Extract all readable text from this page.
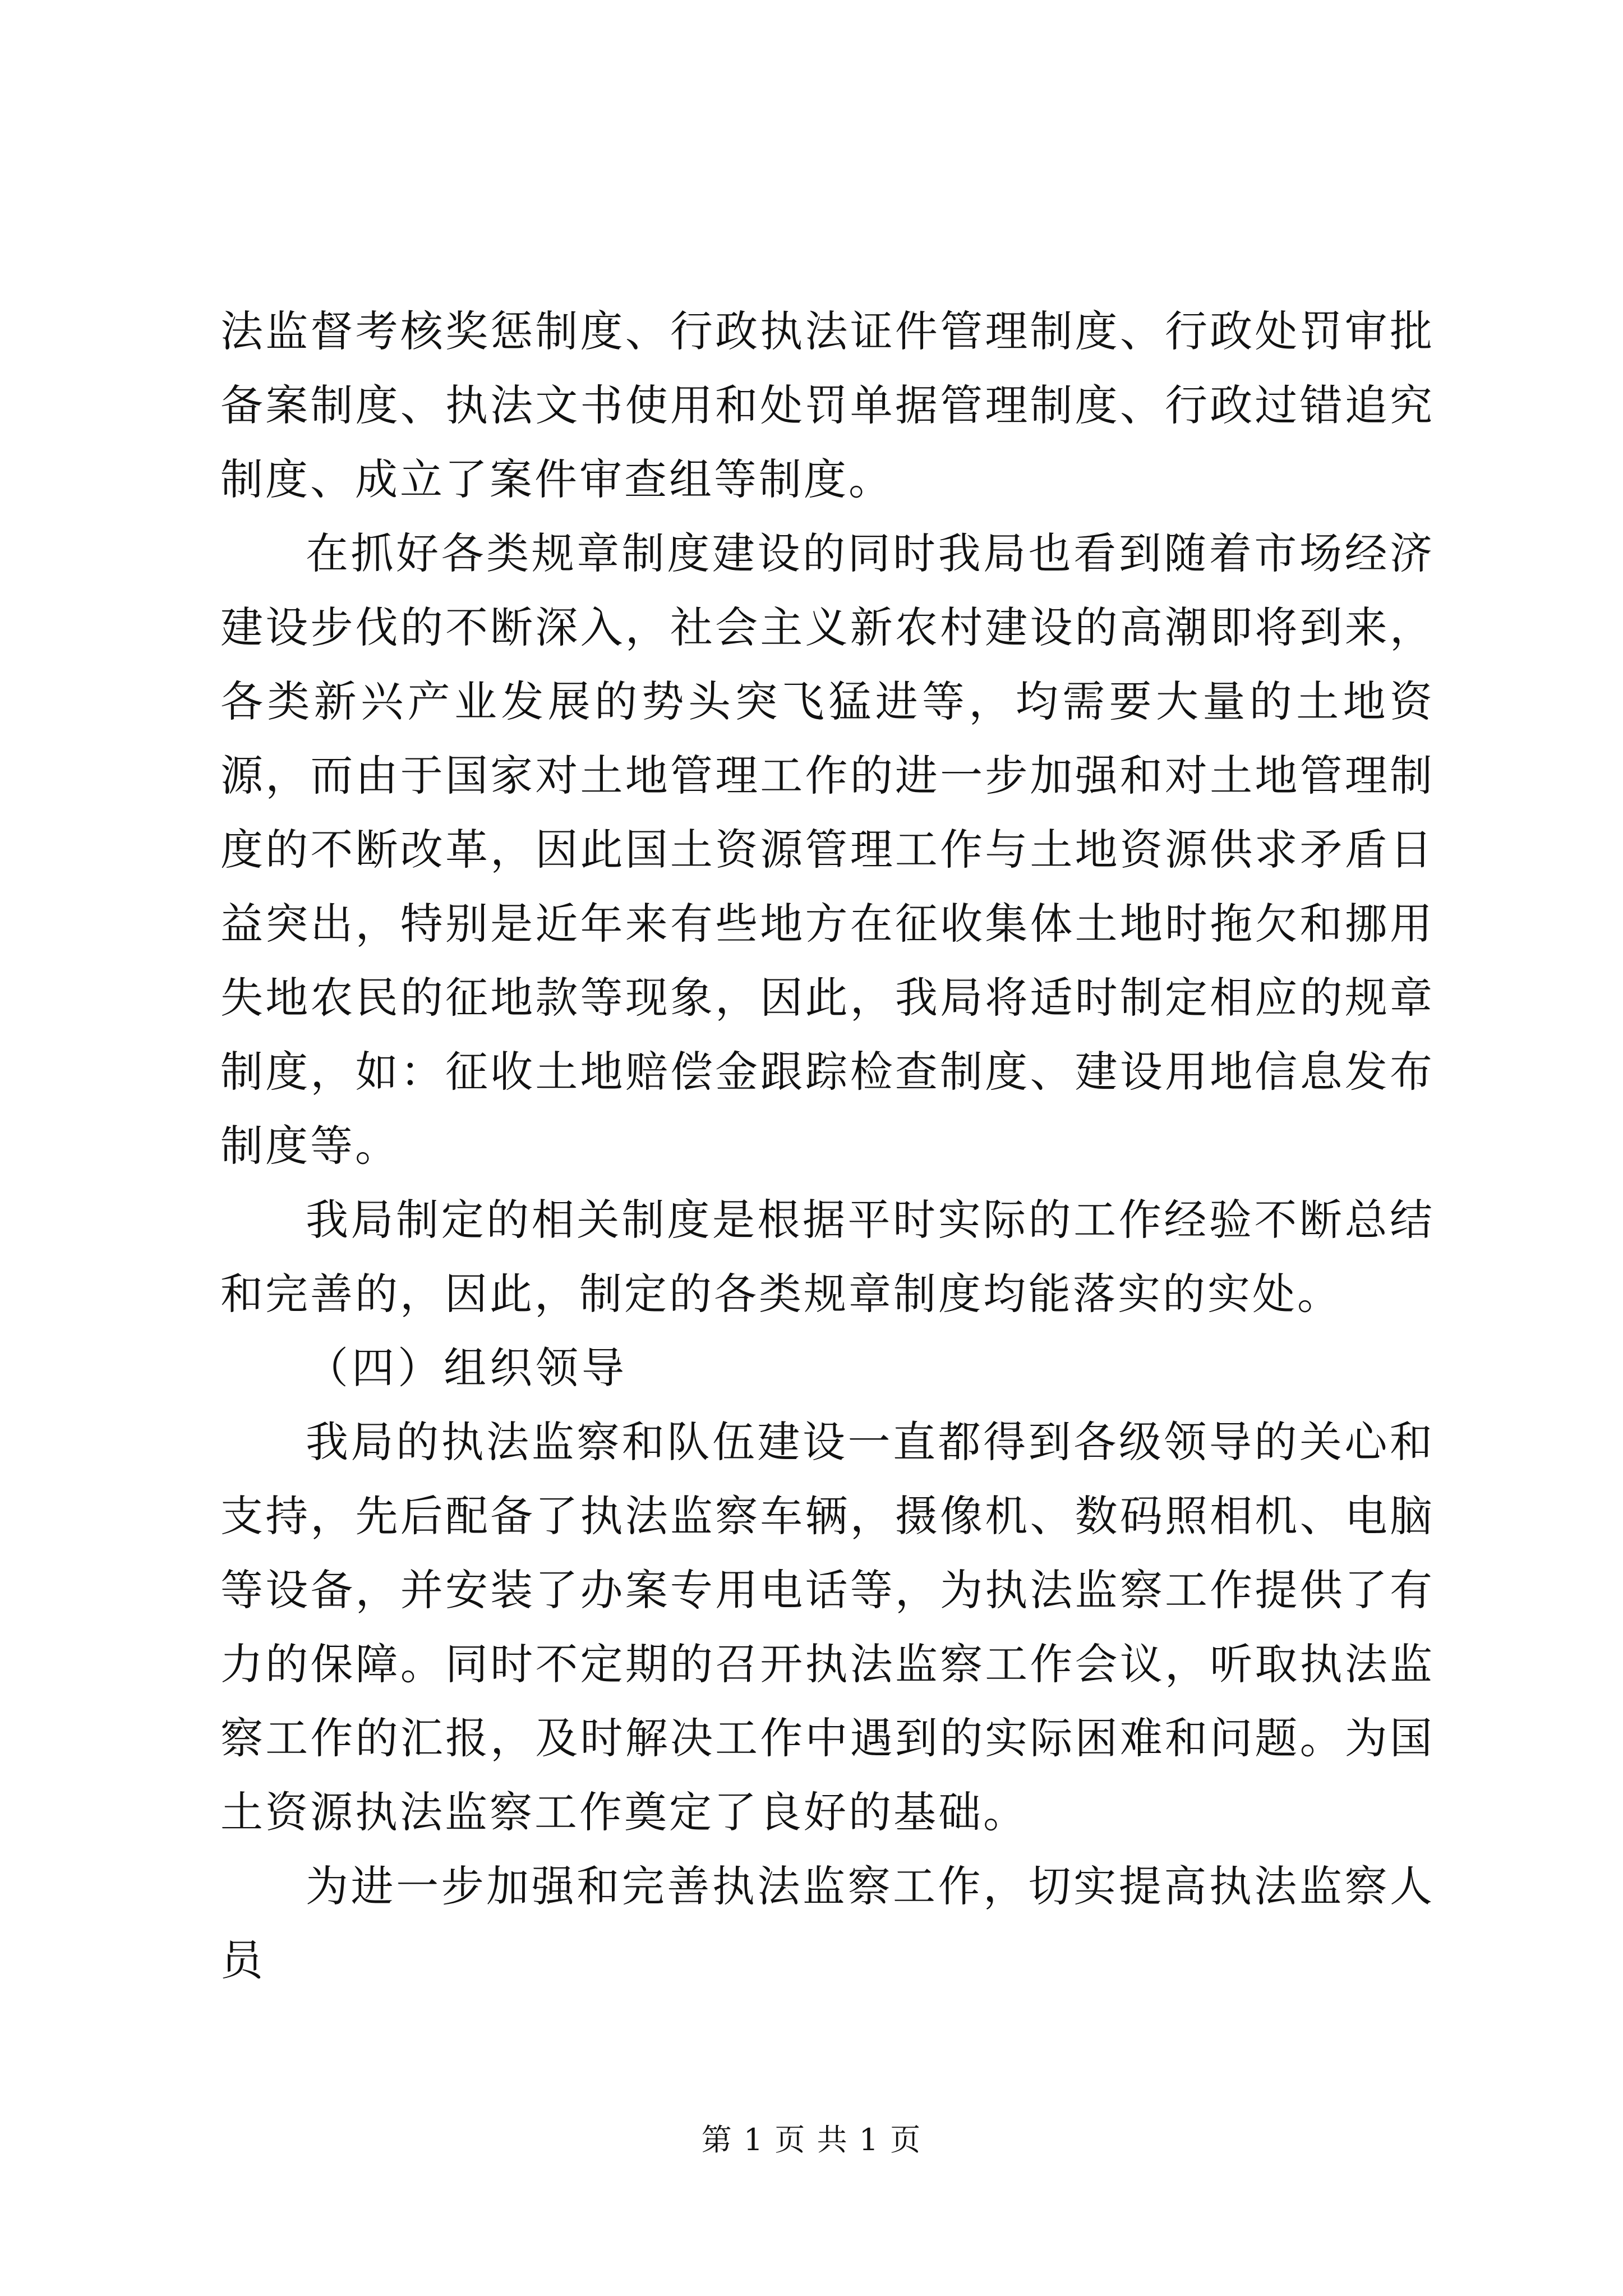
法监督考核奖惩制度、行政执法证件管理制度、行政处罚审批备案制度、执法文书使用和处罚单据管理制度、行政过错追究制度、成立了案件审查组等制度。

在抓好各类规章制度建设的同时我局也看到随着市场经济建设步伐的不断深入，社会主义新农村建设的高潮即将到来，各类新兴产业发展的势头突飞猛进等，均需要大量的土地资源，而由于国家对土地管理工作的进一步加强和对土地管理制度的不断改革，因此国土资源管理工作与土地资源供求矛盾日益突出，特别是近年来有些地方在征收集体土地时拖欠和挪用失地农民的征地款等现象，因此，我局将适时制定相应的规章制度，如：征收土地赔偿金跟踪检查制度、建设用地信息发布制度等。

我局制定的相关制度是根据平时实际的工作经验不断总结和完善的，因此，制定的各类规章制度均能落实的实处。

（四）组织领导

我局的执法监察和队伍建设一直都得到各级领导的关心和支持，先后配备了执法监察车辆，摄像机、数码照相机、电脑等设备，并安装了办案专用电话等，为执法监察工作提供了有力的保障。同时不定期的召开执法监察工作会议，听取执法监察工作的汇报，及时解决工作中遇到的实际困难和问题。为国土资源执法监察工作奠定了良好的基础。

为进一步加强和完善执法监察工作，切实提高执法监察人员

第 1 页 共 1 页
